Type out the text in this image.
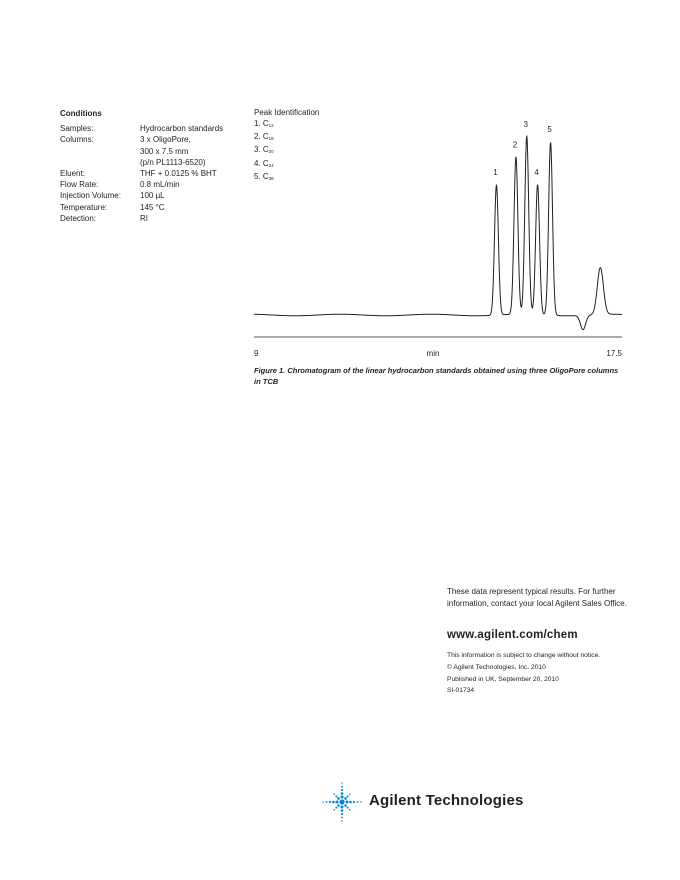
Conditions
Samples:	Hydrocarbon standards
Columns:	3 x OligoPore,
300 x 7.5 mm
(p/n PL1113-6520)
Eluent:	THF + 0.0125 % BHT
Flow Rate:	0.8 mL/min
Injection Volume: 100 µL
Temperature:	145 °C
Detection:	RI
Peak Identification
1. $C_{12}$
2. $C_{16}$
3. $C_{20}$
4. $C_{24}$
5. $C_{36}$
1
2
3
4
5
9	17.5
min
Figure 1. Chromatogram of the linear hydrocarbon standards obtained using three OligoPore columns in TCB
These data represent typical results. For further information, contact your local Agilent Sales Office.
www.agilent.com/chem
This information is subject to change without notice.
© Agilent Technologies, Inc. 2010
Published in UK, September 20, 2010
SI-01734
Agilent Technologies
